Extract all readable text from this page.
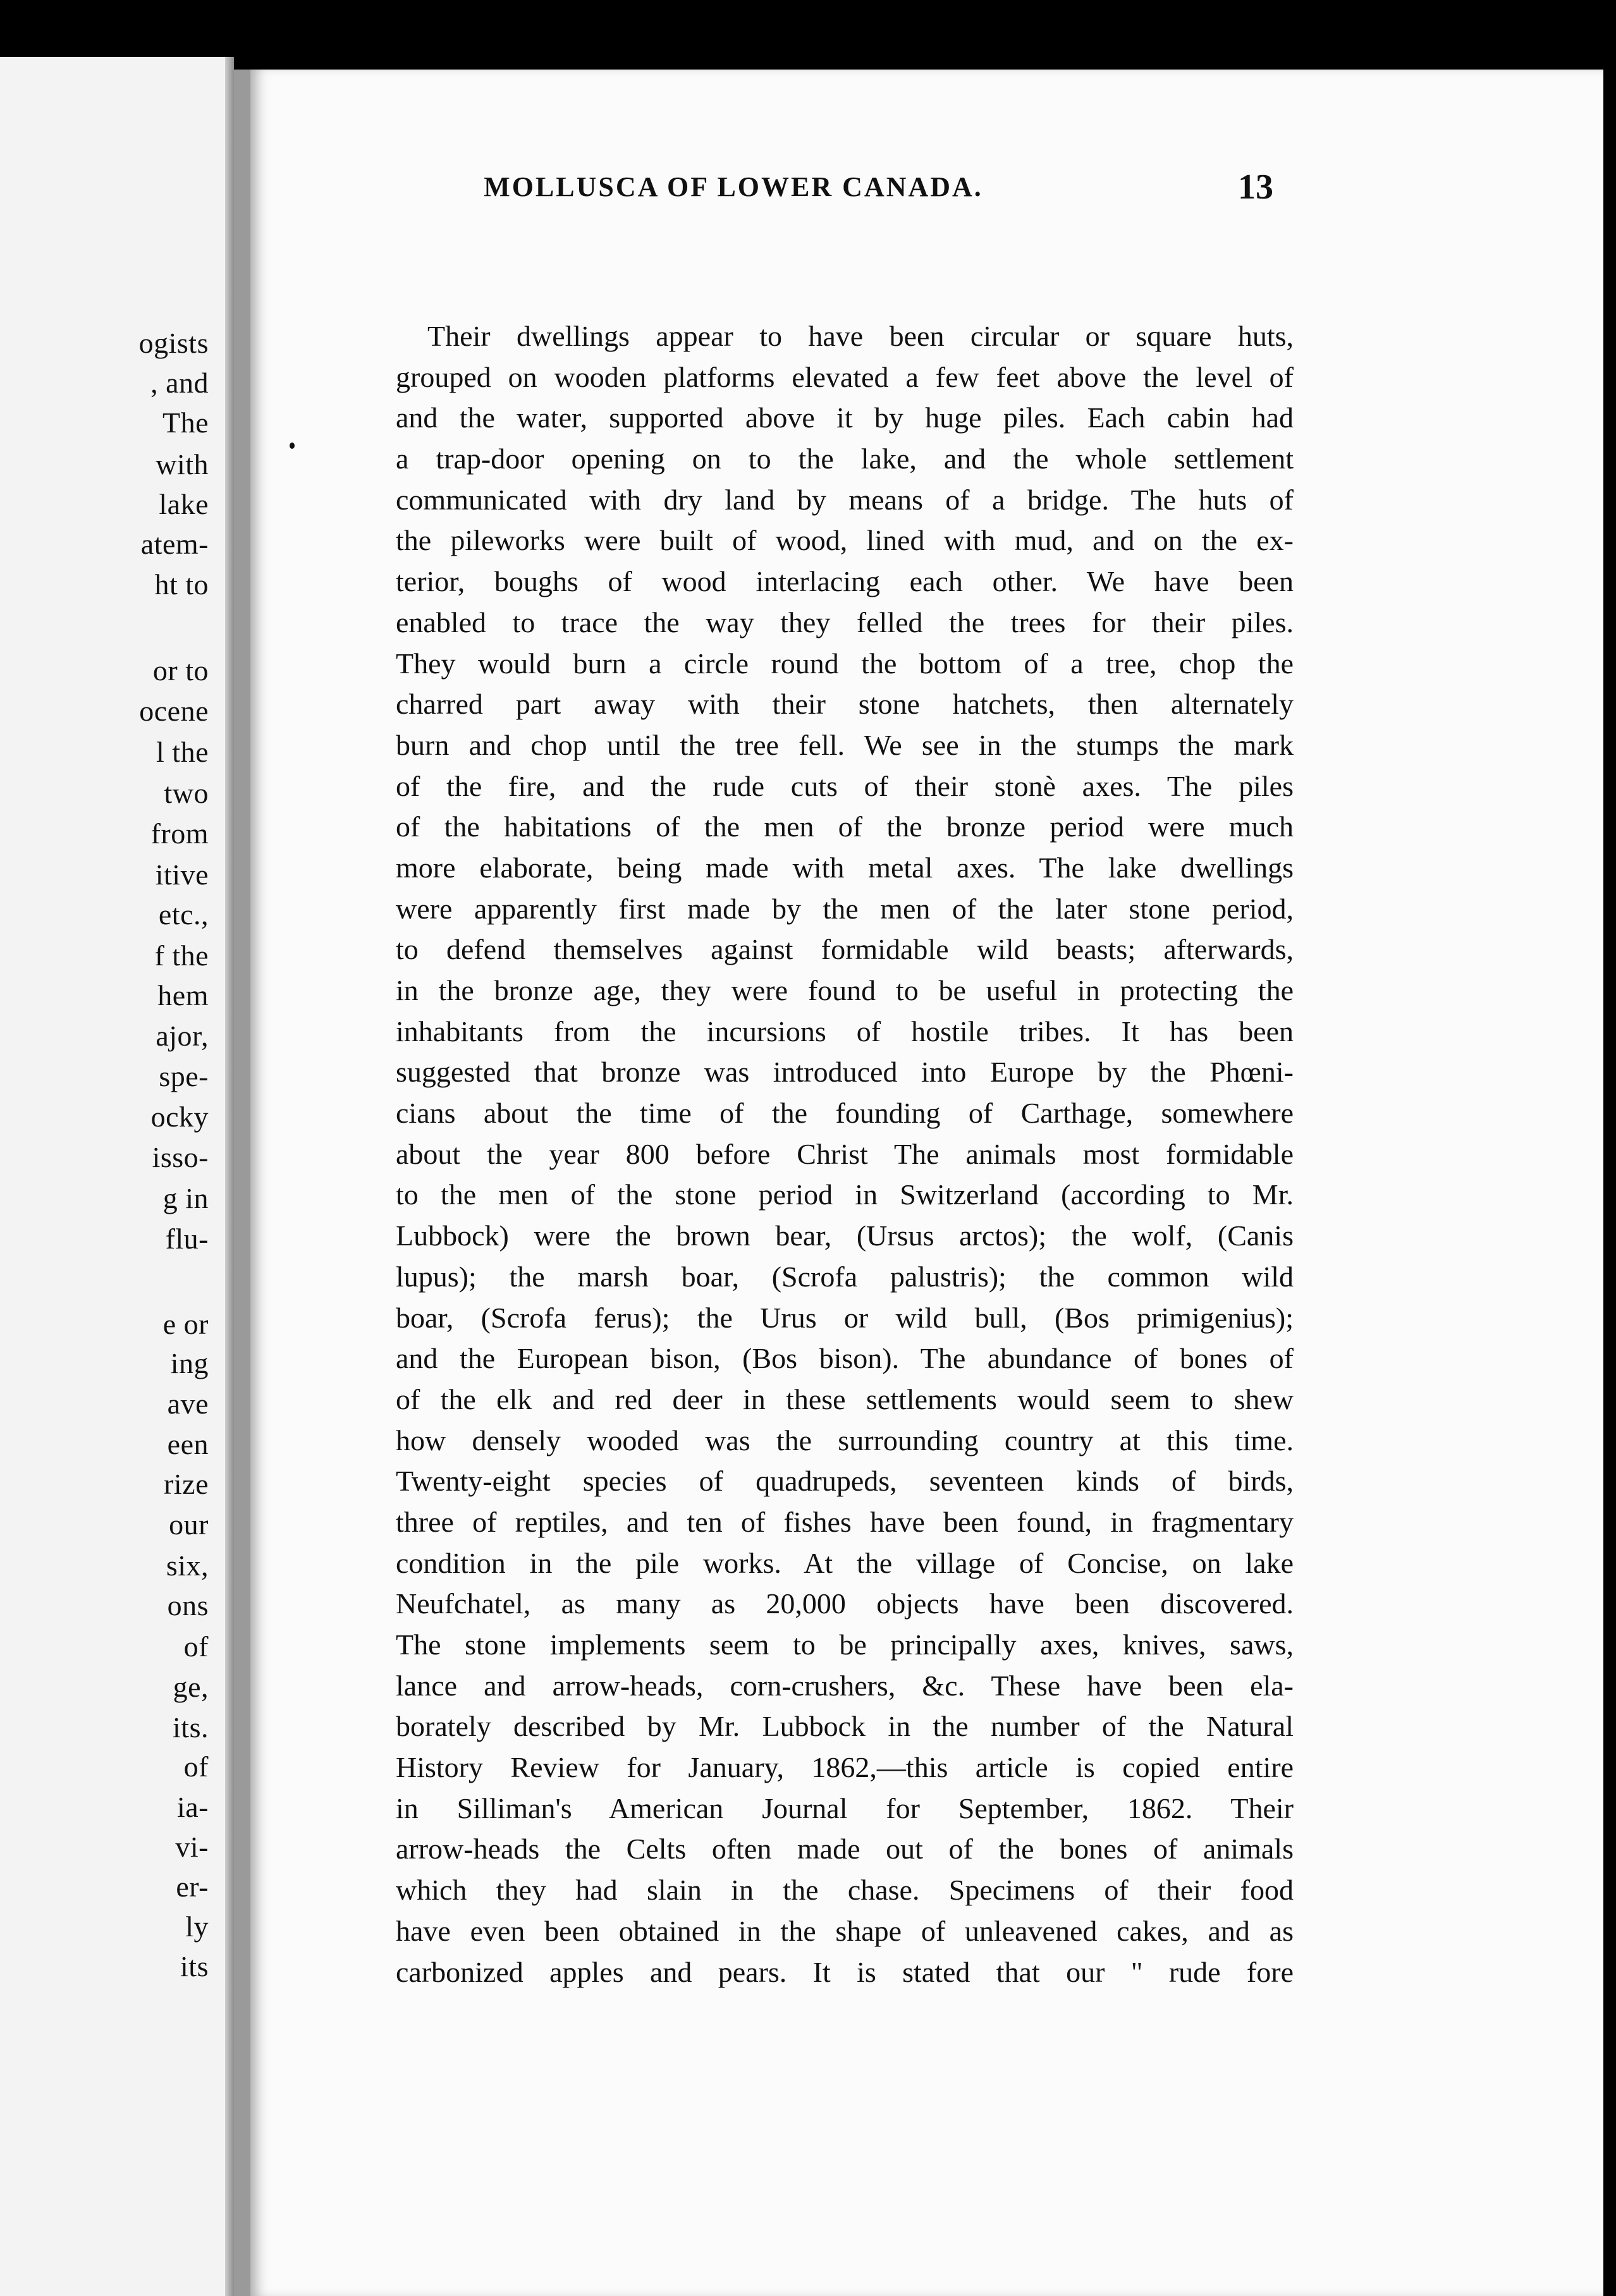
ogists
, and
The
with
lake
atem-
ht to
or to
ocene
l the
two
from
itive
etc.,
f the
hem
ajor,
spe-
ocky
isso-
g in
flu-
e or
ing
ave
een
rize
our
six,
ons
of
ge,
its.
of
ia-
vi-
er-
ly
its
MOLLUSCA OF LOWER CANADA.	13
Their dwellings appear to have been circular or square huts,
grouped on wooden platforms elevated a few feet above the level of
and the water, supported above it by huge piles. Each cabin had
a trap-door opening on to the lake, and the whole settlement
communicated with dry land by means of a bridge. The huts of
the pileworks were built of wood, lined with mud, and on the ex-
terior, boughs of wood interlacing each other. We have been
enabled to trace the way they felled the trees for their piles.
They would burn a circle round the bottom of a tree, chop the
charred part away with their stone hatchets, then alternately
burn and chop until the tree fell. We see in the stumps the mark
of the fire, and the rude cuts of their stonè axes. The piles
of the habitations of the men of the bronze period were much
more elaborate, being made with metal axes. The lake dwellings
were apparently first made by the men of the later stone period,
to defend themselves against formidable wild beasts; afterwards,
in the bronze age, they were found to be useful in protecting the
inhabitants from the incursions of hostile tribes. It has been
suggested that bronze was introduced into Europe by the Phœni-
cians about the time of the founding of Carthage, somewhere
about the year 800 before Christ The animals most formidable
to the men of the stone period in Switzerland (according to Mr.
Lubbock) were the brown bear, (Ursus arctos); the wolf, (Canis
lupus); the marsh boar, (Scrofa palustris); the common wild
boar, (Scrofa ferus); the Urus or wild bull, (Bos primigenius);
and the European bison, (Bos bison). The abundance of bones of
of the elk and red deer in these settlements would seem to shew
how densely wooded was the surrounding country at this time.
Twenty-eight species of quadrupeds, seventeen kinds of birds,
three of reptiles, and ten of fishes have been found, in fragmentary
condition in the pile works. At the village of Concise, on lake
Neufchatel, as many as 20,000 objects have been discovered.
The stone implements seem to be principally axes, knives, saws,
lance and arrow-heads, corn-crushers, &c. These have been ela-
borately described by Mr. Lubbock in the number of the Natural
History Review for January, 1862,—this article is copied entire
in Silliman's American Journal for September, 1862. Their
arrow-heads the Celts often made out of the bones of animals
which they had slain in the chase. Specimens of their food
have even been obtained in the shape of unleavened cakes, and as
carbonized apples and pears. It is stated that our " rude fore
